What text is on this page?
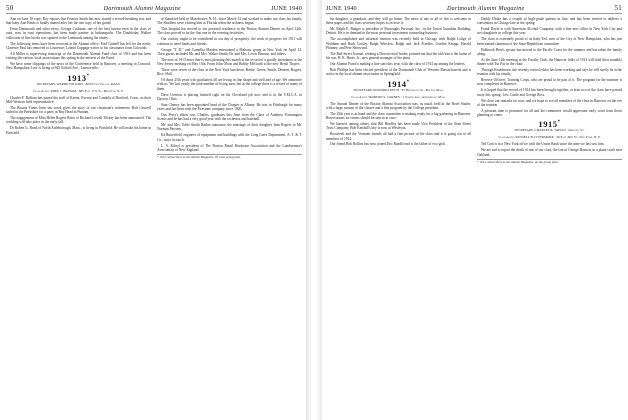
50	Dartmouth Alumni Magazine	JUNE 1940

Ann on June 18 copy, Roy reports that Frances Smith has now started a record-breaking son, and that baby Ann Hinds is finally named after her the one copy of her grand.

From Dartmouth and other news, George Cashmin, one of the best known men in the class of ours, now in trust operations, has been made partner in Indianapolis. The Doubleday Walker collection of fine books was spotted to the Lombards among the ninety...

The following items have been received at the Alumni office: Fred Grabell has left for the north; Clarence Paul has removed to Lawrence; Leland Coppage writes to his classmates from Colorado.

All Miller is supervising transcript of the Dartmouth Alumni Fund class of 1913 and has been visiting the various local associations this spring in the interest of the Fund.

We have some clippings of the news of the Conference held in Hanover, a meeting in Concord, New Hampshire. Lew is living at 945 Gilford Ave., Lennoxville.

1913*
SECRETARY, WARDE WILKINS · 809 Seven Village, MASS.
Class Agent, JOHN J. INGHAM · 685 East 17th St., Brooklyn, N. Y.

Charles F. Buffum has joined the staff of Keene, Everett and Candela of Hartford, Conn., as their Mid-Western field representative.

The Boston Times from last week gives the story of our classmate's retirement. Bob Caswell sailed in the Berkshire for a party at Bay Head in Putnam.

The engagement of Miss Helen Rogers Ritter to Richard Lowell Tiffany has been announced. The wedding will take place in the early fall.

Dr Roben G. Bond of North Attleborough, Mass., is living in Pittsfield. He will make his home in Pittsfield.

at Stamford held in Manchester, N. H., since March 14 and worked to make our class his family. The Shudlers were visiting him in Florida when the sickness began.

This hospital has moved to our personal residence in the Boston Alumni Dinner on April 12th. The class proved to be the first one in the evening festivities.

Our country ought to be considered in our day of prosperity: the work of progress for 1913 will continue to need funds and friends.

George "T. D." and Camellia Marden entertained a Mahony group in New York on April 14. Their guests included Mr. and Mrs. Walter Smith, Dr. and Mrs. Lewis Hanson, and others.

The note of 1913 news that is most pleasing this month is the record of a goodly attendance at the New Jersey meeting on May 15th. From John Olson and Bobby McGuirk to the new Hersh Thayer.

There were seven of the class at the New York luncheon: Beebe, Green, Smith, Deneen, Rogers, Rice, Hall.

Of those 25th years who graduated, all are living in fine shape and well and of age. We announce with us. We lost yearly the total number of living men, but at the college there is a record of many of them.

Dave Overton is placing himself right on his Cleveland job now and is in the Y.M.C.A. in Dayton, Ohio.

Stan Cheney has been appointed head of the Chapter at Albany. He was in Pittsburgh for many years and has been with the Firestone company since 1920.

Gus Perry's eldest son, Charles, graduates this June from the Class of Amherst. Farmington Scouts and he has had a very good year with the orchestra and baseball.

Mr. and Mrs. Earle Smith Barber announce the marriage of their daughter Jean Rogers to Mr. Norman Parsons.

Ed Butterfield, engineer of equipment and buildings with the Long Lines Department, A. T. & T. Co., stays in touch.

L. S. Kifnel is president of The Boston Retail Hardware Association and the Lumbermen's Association of New England.

* 1913, subscribers to the Alumni Magazine, 95 class group plan.
JUNE 1940	Dartmouth Alumni Magazine	51

his daughter, a grandson, and they will go home. The news of any or all of this is welcome in these pages and the class secretary hopes to receive it.

Mr. Ralph E. Badger is president of Burroughs Personal, Inc., in the Union Guardian Building, Detroit. He is in demand in the most personal investment counseling business.

The accomplished and informal reunion was recently held in Chicago with Ralph Lodge of Waltham and Ruth Crosby, Ralph Winslow, Ralph and Jack Friedler, Gordon Knopp, Harold Phinney, and Pete Sherwood.

The Ball Street Journal, seeking a Detroit retail leader, pointed out that the old firm is the home of his son, H. R. Hines, Jr., now general manager of the plant.

Our Alumni Fund is making a fine start this year, with the class of 1914 up among the leaders.

Bob Phillips has been elected president of the Dartmouth Club of Western Massachusetts and is active in the local alumni association in Springfield.

1914*
SECRETARY, EDWARD LEECH · 97 Beechwood St., Boston, Mass.
Class Agent, MORTON S. CARNES · 1 Sowing Ave., Auburndale, Mass.

The Annual Dinner of the Boston Alumni Association was, as usual, held at the Hotel Statler, with a large turnout of the classes and a fine program by the College president.

The 25th year is at hand and the class committee is making ready for a big gathering in Hanover. Reservations for rooms should be sent in at once.

We learned, among others, that Bill Hindley has been made Vice President of the State Street Trust Company; Bob Kendall's boy is now at Wesleyan.

Roosevelt and the Vermont friends all had a fine picture of the class and it is going out to all members of 1914.

Our friend Bob Rollins has now joined Doc Raadle and is the father of two girls.

Daddy Drake has a couple of high-grade patents in line, and has been invited to address a convention in Chicago late in the spring.

Frank Doyle is with American Alcohol Company, with a fine new office in New York City and two daughters in college this year.

The class is extremely proud of its baby Ted, now of the City of New Hampshire, who has just been named chairman of the State Republican committee.

Holbrook Bent's spouse has moved to the Pacific Coast for the summer and has taken the family along.

At the June 12th meeting at the Faculty Club, the Hanover folks of 1914 will hold their monthly dinner with Tut Fay in the chair.

Through Broadmoor, the recently retired editor has been working and says he will surely be at the reunion with his family.

Reserve Officers' Training Corps, who are proud to be part of it. The program for the summer is now completed in Hanover.

It is hoped that the record of 1914 has been brought together, at least two of the class have passed away this spring: Lew Castle and George Ross.

We close our remarks for now, and we hope to see all members of the class in Hanover on the eve of the reunion.

A pleasant time is promised for all and the committee would appreciate early word from those planning to come.

1915*
SECRETARY, CHARLES R. TAPLIN · Orleans, Vt.
Class Agent, RUSSELL B. LIVERMORE · 46 East 40th St., New York, N. Y.

Ted Gott is in a New York office with the Union Bank since the time we last saw him.

We are sad to report the death of one of our class, the son of George Hanson, in a plane crash near Oakland.

* 1914, subscribers to the Alumni Magazine, on the group plan.
